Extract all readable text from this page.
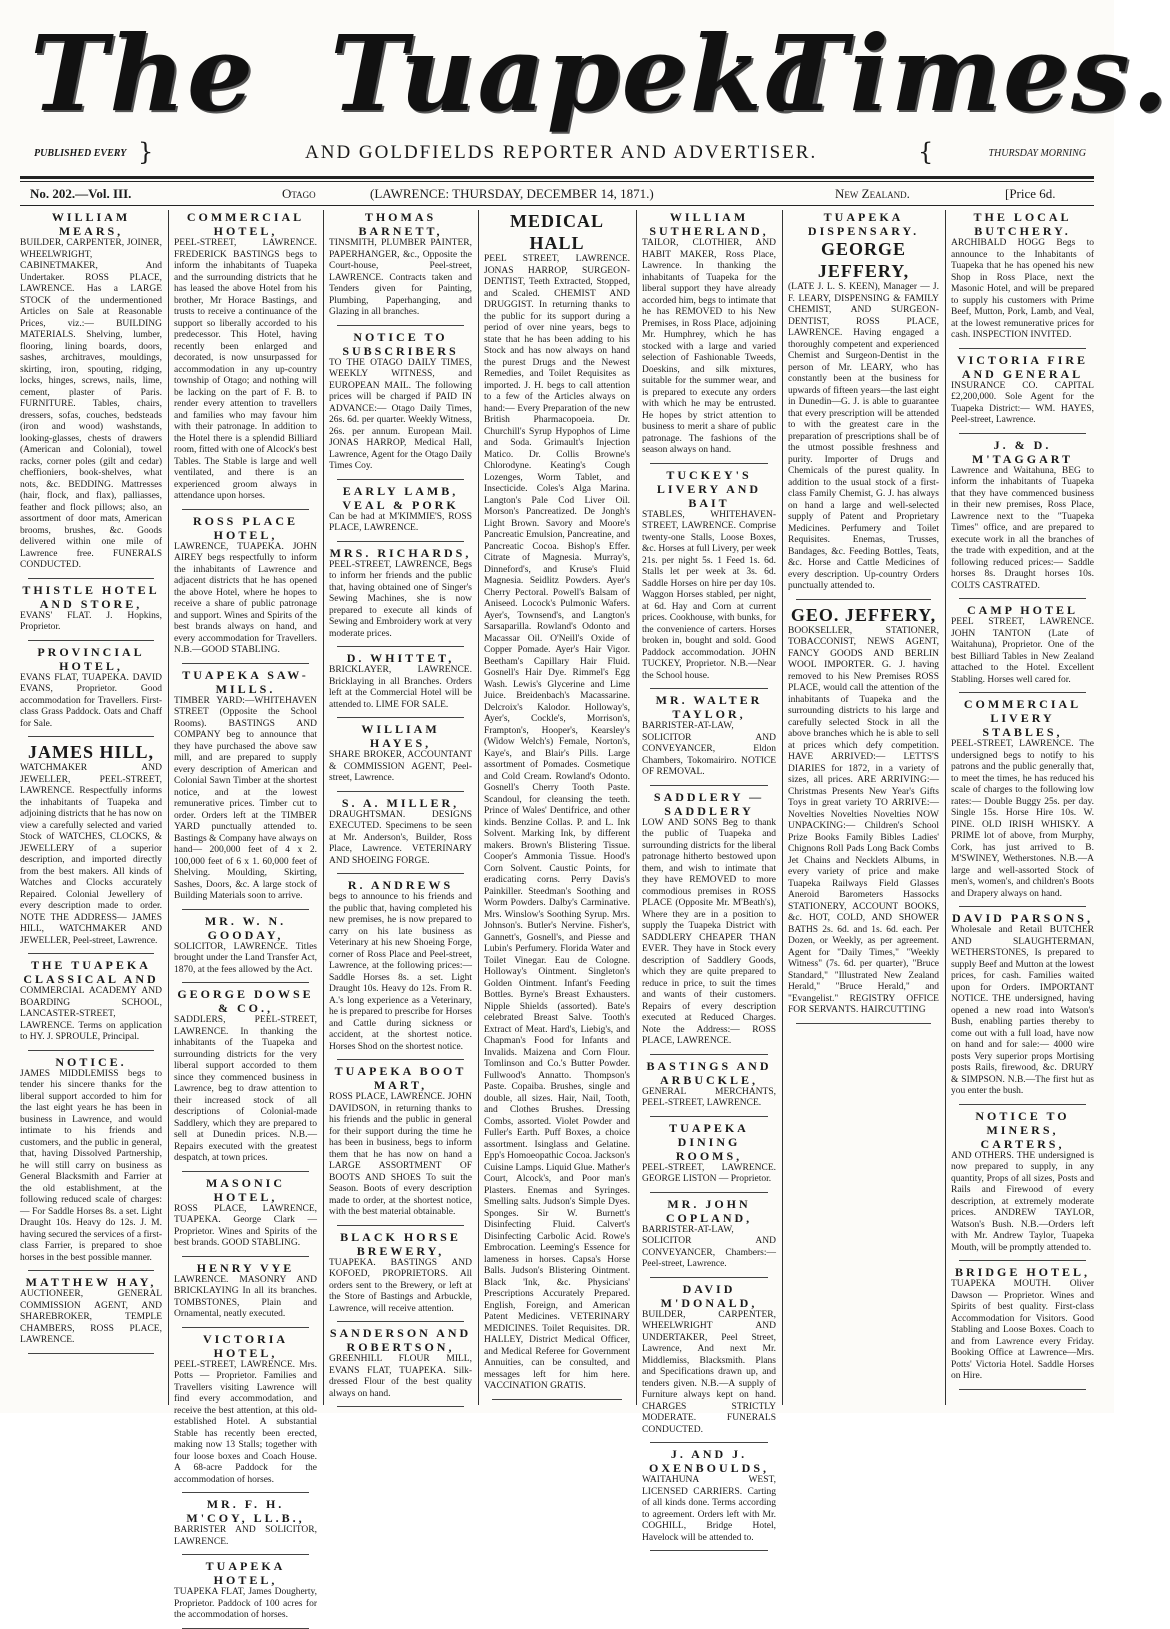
The Tuapeka
Times.
PUBLISHED EVERY }	AND GOLDFIELDS REPORTER AND ADVERTISER.	{	THURSDAY MORNING
No. 202.—Vol. III.	Otago	(LAWRENCE: THURSDAY, DECEMBER 14, 1871.)	New Zealand.	[Price 6d.
WILLIAM MEARS,
BUILDER, CARPENTER, JOINER, WHEELWRIGHT, CABINETMAKER, And Undertaker. ROSS PLACE, LAWRENCE. Has a LARGE STOCK of the undermentioned Articles on Sale at Reasonable Prices, viz.:— BUILDING MATERIALS. Shelving, lumber, flooring, lining boards, doors, sashes, architraves, mouldings, skirting, iron, spouting, ridging, locks, hinges, screws, nails, lime, cement, plaster of Paris. FURNITURE. Tables, chairs, dressers, sofas, couches, bedsteads (iron and wood) washstands, looking-glasses, chests of drawers (American and Colonial), towel racks, corner poles (gilt and cedar) cheffioniers, book-shelves, what nots, &c. BEDDING. Mattresses (hair, flock, and flax), palliasses, feather and flock pillows; also, an assortment of door mats, American brooms, brushes, &c. Goods delivered within one mile of Lawrence free. FUNERALS CONDUCTED.
THISTLE HOTEL AND STORE,
EVANS' FLAT. J. Hopkins, Proprietor.
PROVINCIAL HOTEL,
EVANS FLAT, TUAPEKA. DAVID EVANS, Proprietor. Good accommodation for Travellers. First-class Grass Paddock. Oats and Chaff for Sale.
JAMES HILL,
WATCHMAKER AND JEWELLER, PEEL-STREET, LAWRENCE. Respectfully informs the inhabitants of Tuapeka and adjoining districts that he has now on view a carefully selected and varied Stock of WATCHES, CLOCKS, & JEWELLERY of a superior description, and imported directly from the best makers. All kinds of Watches and Clocks accurately Repaired. Colonial Jewellery of every description made to order. NOTE THE ADDRESS— JAMES HILL, WATCHMAKER AND JEWELLER, Peel-street, Lawrence.
THE TUAPEKA CLASSICAL AND
COMMERCIAL ACADEMY AND BOARDING SCHOOL, LANCASTER-STREET, LAWRENCE. Terms on application to HY. J. SPROULE, Principal.
NOTICE.
JAMES MIDDLEMISS begs to tender his sincere thanks for the liberal support accorded to him for the last eight years he has been in business in Lawrence, and would intimate to his friends and customers, and the public in general, that, having Dissolved Partnership, he will still carry on business as General Blacksmith and Farrier at the old establishment, at the following reduced scale of charges:— For Saddle Horses 8s. a set. Light Draught 10s. Heavy do 12s. J. M. having secured the services of a first-class Farrier, is prepared to shoe horses in the best possible manner.
MATTHEW HAY,
AUCTIONEER, GENERAL COMMISSION AGENT, AND SHAREBROKER, TEMPLE CHAMBERS, ROSS PLACE, LAWRENCE.
COMMERCIAL HOTEL,
PEEL-STREET, LAWRENCE. FREDERICK BASTINGS begs to inform the inhabitants of Tuapeka and the surrounding districts that he has leased the above Hotel from his brother, Mr Horace Bastings, and trusts to receive a continuance of the support so liberally accorded to his predecessor. This Hotel, having recently been enlarged and decorated, is now unsurpassed for accommodation in any up-country township of Otago; and nothing will be lacking on the part of F. B. to render every attention to travellers and families who may favour him with their patronage. In addition to the Hotel there is a splendid Billiard room, fitted with one of Alcock's best Tables. The Stable is large and well ventilated, and there is an experienced groom always in attendance upon horses.
ROSS PLACE HOTEL,
LAWRENCE, TUAPEKA. JOHN AIREY begs respectfully to inform the inhabitants of Lawrence and adjacent districts that he has opened the above Hotel, where he hopes to receive a share of public patronage and support. Wines and Spirits of the best brands always on hand, and every accommodation for Travellers. N.B.—GOOD STABLING.
TUAPEKA SAW-MILLS.
TIMBER YARD:—WHITEHAVEN STREET (Opposite the School Rooms). BASTINGS AND COMPANY beg to announce that they have purchased the above saw mill, and are prepared to supply every description of American and Colonial Sawn Timber at the shortest notice, and at the lowest remunerative prices. Timber cut to order. Orders left at the TIMBER YARD punctually attended to. Bastings & Company have always on hand— 200,000 feet of 4 x 2. 100,000 feet of 6 x 1. 60,000 feet of Shelving. Moulding, Skirting, Sashes, Doors, &c. A large stock of Building Materials soon to arrive.
MR. W. N. GOODAY,
SOLICITOR, LAWRENCE. Titles brought under the Land Transfer Act, 1870, at the fees allowed by the Act.
GEORGE DOWSE & CO.,
SADDLERS, PEEL-STREET, LAWRENCE. In thanking the inhabitants of the Tuapeka and surrounding districts for the very liberal support accorded to them since they commenced business in Lawrence, beg to draw attention to their increased stock of all descriptions of Colonial-made Saddlery, which they are prepared to sell at Dunedin prices. N.B.—Repairs executed with the greatest despatch, at town prices.
MASONIC HOTEL,
ROSS PLACE, LAWRENCE, TUAPEKA. George Clark — Proprietor. Wines and Spirits of the best brands. GOOD STABLING.
HENRY VYE
LAWRENCE. MASONRY AND BRICKLAYING In all its branches. TOMBSTONES, Plain and Ornamental, neatly executed.
VICTORIA HOTEL,
PEEL-STREET, LAWRENCE. Mrs. Potts — Proprietor. Families and Travellers visiting Lawrence will find every accommodation, and receive the best attention, at this old-established Hotel. A substantial Stable has recently been erected, making now 13 Stalls; together with four loose boxes and Coach House. A 68-acre Paddock for the accommodation of horses.
MR. F. H. M'COY, LL.B.,
BARRISTER AND SOLICITOR, LAWRENCE.
TUAPEKA HOTEL,
TUAPEKA FLAT, James Dougherty, Proprietor. Paddock of 100 acres for the accommodation of horses.
THOMAS BARNETT,
TINSMITH, PLUMBER PAINTER, PAPERHANGER, &c., Opposite the Court-house, Peel-street, LAWRENCE. Contracts taken and Tenders given for Painting, Plumbing, Paperhanging, and Glazing in all branches.
NOTICE TO SUBSCRIBERS
TO THE OTAGO DAILY TIMES, WEEKLY WITNESS, and EUROPEAN MAIL. The following prices will be charged if PAID IN ADVANCE:— Otago Daily Times, 26s. 6d. per quarter. Weekly Witness, 26s. per annum. European Mail. JONAS HARROP, Medical Hall, Lawrence, Agent for the Otago Daily Times Coy.
EARLY LAMB, VEAL & PORK
Can be had at M'KIMMIE'S, ROSS PLACE, LAWRENCE.
MRS. RICHARDS,
PEEL-STREET, LAWRENCE, Begs to inform her friends and the public that, having obtained one of Singer's Sewing Machines, she is now prepared to execute all kinds of Sewing and Embroidery work at very moderate prices.
D. WHITTET,
BRICKLAYER, LAWRENCE. Bricklaying in all Branches. Orders left at the Commercial Hotel will be attended to. LIME FOR SALE.
WILLIAM HAYES,
SHARE BROKER, ACCOUNTANT & COMMISSION AGENT, Peel-street, Lawrence.
S. A. MILLER,
DRAUGHTSMAN. DESIGNS EXECUTED. Specimens to be seen at Mr. Anderson's, Builder, Ross Place, Lawrence. VETERINARY AND SHOEING FORGE.
R. ANDREWS
begs to announce to his friends and the public that, having completed his new premises, he is now prepared to carry on his late business as Veterinary at his new Shoeing Forge, corner of Ross Place and Peel-street, Lawrence, at the following prices:— Saddle Horses 8s. a set. Light Draught 10s. Heavy do 12s. From R. A.'s long experience as a Veterinary, he is prepared to prescribe for Horses and Cattle during sickness or accident, at the shortest notice. Horses Shod on the shortest notice.
TUAPEKA BOOT MART,
ROSS PLACE, LAWRENCE. JOHN DAVIDSON, in returning thanks to his friends and the public in general for their support during the time he has been in business, begs to inform them that he has now on hand a LARGE ASSORTMENT OF BOOTS AND SHOES To suit the Season. Boots of every description made to order, at the shortest notice, with the best material obtainable.
BLACK HORSE BREWERY,
TUAPEKA. BASTINGS AND KOFOED, PROPRIETORS. All orders sent to the Brewery, or left at the Store of Bastings and Arbuckle, Lawrence, will receive attention.
SANDERSON AND ROBERTSON,
GREENHILL FLOUR MILL, EVANS FLAT, TUAPEKA. Silk-dressed Flour of the best quality always on hand.
MEDICAL HALL
PEEL STREET, LAWRENCE. JONAS HARROP, SURGEON-DENTIST, Teeth Extracted, Stopped, and Scaled. CHEMIST AND DRUGGIST. In returning thanks to the public for its support during a period of over nine years, begs to state that he has been adding to his Stock and has now always on hand the purest Drugs and the Newest Remedies, and Toilet Requisites as imported. J. H. begs to call attention to a few of the Articles always on hand:— Every Preparation of the new British Pharmacopoeia. Dr. Churchill's Syrup Hypophos of Lime and Soda. Grimault's Injection Matico. Dr. Collis Browne's Chlorodyne. Keating's Cough Lozenges, Worm Tablet, and Insecticide. Coles's Alga Marina. Langton's Pale Cod Liver Oil. Morson's Pancreatized. De Jongh's Light Brown. Savory and Moore's Pancreatic Emulsion, Pancreatine, and Pancreatic Cocoa. Bishop's Effer. Citrate of Magnesia. Murray's, Dinneford's, and Kruse's Fluid Magnesia. Seidlitz Powders. Ayer's Cherry Pectoral. Powell's Balsam of Aniseed. Locock's Pulmonic Wafers. Ayer's, Townsend's, and Langton's Sarsaparilla. Rowland's Odonto and Macassar Oil. O'Neill's Oxide of Copper Pomade. Ayer's Hair Vigor. Beetham's Capillary Hair Fluid. Gosnell's Hair Dye. Rimmel's Egg Wash. Lewis's Glycerine and Lime Juice. Breidenbach's Macassarine. Delcroix's Kalodor. Holloway's, Ayer's, Cockle's, Morrison's, Frampton's, Hooper's, Kearsley's (Widow Welch's) Female, Norton's, Kaye's, and Blair's Pills. Large assortment of Pomades. Cosmetique and Cold Cream. Rowland's Odonto. Gosnell's Cherry Tooth Paste. Scandoul, for cleansing the teeth. Prince of Wales' Dentifrice, and other kinds. Benzine Collas. P. and L. Ink Solvent. Marking Ink, by different makers. Brown's Blistering Tissue. Cooper's Ammonia Tissue. Hood's Corn Solvent. Caustic Points, for eradicating corns. Perry Davis's Painkiller. Steedman's Soothing and Worm Powders. Dalby's Carminative. Mrs. Winslow's Soothing Syrup. Mrs. Johnson's. Butler's Nervine. Fisher's, Gannett's, Gosnell's, and Piesse and Lubin's Perfumery. Florida Water and Toilet Vinegar. Eau de Cologne. Holloway's Ointment. Singleton's Golden Ointment. Infant's Feeding Bottles. Byrne's Breast Exhausters. Nipple Shields (assorted). Bate's celebrated Breast Salve. Tooth's Extract of Meat. Hard's, Liebig's, and Chapman's Food for Infants and Invalids. Maizena and Corn Flour. Tomlinson and Co.'s Butter Powder. Fullwood's Annatto. Thompson's Paste. Copaiba. Brushes, single and double, all sizes. Hair, Nail, Tooth, and Clothes Brushes. Dressing Combs, assorted. Violet Powder and Fuller's Earth. Puff Boxes, a choice assortment. Isinglass and Gelatine. Epp's Homoeopathic Cocoa. Jackson's Cuisine Lamps. Liquid Glue. Mather's Court, Alcock's, and Poor man's Plasters. Enemas and Syringes. Smelling salts. Judson's Simple Dyes. Sponges. Sir W. Burnett's Disinfecting Fluid. Calvert's Disinfecting Carbolic Acid. Rowe's Embrocation. Leeming's Essence for lameness in horses. Capsa's Horse Balls. Judson's Blistering Ointment. Black 'Ink, &c. Physicians' Prescriptions Accurately Prepared. English, Foreign, and American Patent Medicines. VETERINARY MEDICINES. Toilet Requisites. DR. HALLEY, District Medical Officer, and Medical Referee for Government Annuities, can be consulted, and messages left for him here. VACCINATION GRATIS.
WILLIAM SUTHERLAND,
TAILOR, CLOTHIER, AND HABIT MAKER, Ross Place, Lawrence. In thanking the inhabitants of Tuapeka for the liberal support they have already accorded him, begs to intimate that he has REMOVED to his New Premises, in Ross Place, adjoining Mr. Humphrey, which he has stocked with a large and varied selection of Fashionable Tweeds, Doeskins, and silk mixtures, suitable for the summer wear, and is prepared to execute any orders with which he may be entrusted. He hopes by strict attention to business to merit a share of public patronage. The fashions of the season always on hand.
TUCKEY'S LIVERY AND BAIT
STABLES, WHITEHAVEN-STREET, LAWRENCE. Comprise twenty-one Stalls, Loose Boxes, &c. Horses at full Livery, per week 21s. per night 5s. 1 Feed 1s. 6d. Stalls let per week at 3s. 6d. Saddle Horses on hire per day 10s. Waggon Horses stabled, per night, at 6d. Hay and Corn at current prices. Cookhouse, with bunks, for the convenience of carters. Horses broken in, bought and sold. Good Paddock accommodation. JOHN TUCKEY, Proprietor. N.B.—Near the School house.
MR. WALTER TAYLOR,
BARRISTER-AT-LAW, SOLICITOR AND CONVEYANCER, Eldon Chambers, Tokomairiro. NOTICE OF REMOVAL.
SADDLERY — SADDLERY
LOW AND SONS Beg to thank the public of Tuapeka and surrounding districts for the liberal patronage hitherto bestowed upon them, and wish to intimate that they have REMOVED to more commodious premises in ROSS PLACE (Opposite Mr. M'Beath's), Where they are in a position to supply the Tuapeka District with SADDLERY CHEAPER THAN EVER. They have in Stock every description of Saddlery Goods, which they are quite prepared to reduce in price, to suit the times and wants of their customers. Repairs of every description executed at Reduced Charges. Note the Address:— ROSS PLACE, LAWRENCE.
BASTINGS AND ARBUCKLE,
GENERAL MERCHANTS, PEEL-STREET, LAWRENCE.
TUAPEKA DINING ROOMS,
PEEL-STREET, LAWRENCE. GEORGE LISTON — Proprietor.
MR. JOHN COPLAND,
BARRISTER-AT-LAW, SOLICITOR AND CONVEYANCER, Chambers:—Peel-street, Lawrence.
DAVID M'DONALD,
BUILDER, CARPENTER, WHEELWRIGHT AND UNDERTAKER, Peel Street, Lawrence, And next Mr. Middlemiss, Blacksmith. Plans and Specifications drawn up, and tenders given. N.B.—A supply of Furniture always kept on hand. CHARGES STRICTLY MODERATE. FUNERALS CONDUCTED.
J. AND J. OXENBOULDS,
WAITAHUNA WEST, LICENSED CARRIERS. Carting of all kinds done. Terms according to agreement. Orders left with Mr. COGHILL, Bridge Hotel, Havelock will be attended to.
TUAPEKA DISPENSARY.
GEORGE JEFFERY,
(LATE J. L. S. KEEN), Manager — J. F. LEARY, DISPENSING & FAMILY CHEMIST, AND SURGEON-DENTIST, ROSS PLACE, LAWRENCE. Having engaged a thoroughly competent and experienced Chemist and Surgeon-Dentist in the person of Mr. LEARY, who has constantly been at the business for upwards of fifteen years—the last eight in Dunedin—G. J. is able to guarantee that every prescription will be attended to with the greatest care in the preparation of prescriptions shall be of the utmost possible freshness and purity. Importer of Drugs and Chemicals of the purest quality. In addition to the usual stock of a first-class Family Chemist, G. J. has always on hand a large and well-selected supply of Patent and Proprietary Medicines. Perfumery and Toilet Requisites. Enemas, Trusses, Bandages, &c. Feeding Bottles, Teats, &c. Horse and Cattle Medicines of every description. Up-country Orders punctually attended to.
GEO. JEFFERY,
BOOKSELLER, STATIONER, TOBACCONIST, NEWS AGENT, FANCY GOODS AND BERLIN WOOL IMPORTER. G. J. having removed to his New Premises ROSS PLACE, would call the attention of the inhabitants of Tuapeka and the surrounding districts to his large and carefully selected Stock in all the above branches which he is able to sell at prices which defy competition. HAVE ARRIVED:— LETTS'S DIARIES for 1872, in a variety of sizes, all prices. ARE ARRIVING:— Christmas Presents New Year's Gifts Toys in great variety TO ARRIVE:— Novelties Novelties Novelties NOW UNPACKING:— Children's School Prize Books Family Bibles Ladies' Chignons Roll Pads Long Back Combs Jet Chains and Necklets Albums, in every variety of price and make Tuapeka Railways Field Glasses Aneroid Barometers Hassocks STATIONERY, ACCOUNT BOOKS, &c. HOT, COLD, AND SHOWER BATHS 2s. 6d. and 1s. 6d. each. Per Dozen, or Weekly, as per agreement. Agent for "Daily Times," "Weekly Witness" (7s. 6d. per quarter), "Bruce Standard," "Illustrated New Zealand Herald," "Bruce Herald," and "Evangelist." REGISTRY OFFICE FOR SERVANTS. HAIRCUTTING
THE LOCAL BUTCHERY.
ARCHIBALD HOGG Begs to announce to the Inhabitants of Tuapeka that he has opened his new Shop in Ross Place, next the Masonic Hotel, and will be prepared to supply his customers with Prime Beef, Mutton, Pork, Lamb, and Veal, at the lowest remunerative prices for cash. INSPECTION INVITED.
VICTORIA FIRE AND GENERAL
INSURANCE CO. CAPITAL £2,200,000. Sole Agent for the Tuapeka District:— WM. HAYES, Peel-street, Lawrence.
J. & D. M'TAGGART
Lawrence and Waitahuna, BEG to inform the inhabitants of Tuapeka that they have commenced business in their new premises, Ross Place, Lawrence next to the "Tuapeka Times" office, and are prepared to execute work in all the branches of the trade with expedition, and at the following reduced prices:— Saddle horses 8s. Draught horses 10s. COLTS CASTRATED.
CAMP HOTEL
PEEL STREET, LAWRENCE. JOHN TANTON (Late of Waitahuna), Proprietor. One of the best Billiard Tables in New Zealand attached to the Hotel. Excellent Stabling. Horses well cared for.
COMMERCIAL LIVERY STABLES,
PEEL-STREET, LAWRENCE. The undersigned begs to notify to his patrons and the public generally that, to meet the times, he has reduced his scale of charges to the following low rates:— Double Buggy 25s. per day. Single 15s. Horse Hire 10s. W. PINE. OLD IRISH WHISKY. A PRIME lot of above, from Murphy, Cork, has just arrived to B. M'SWINEY, Wetherstones. N.B.—A large and well-assorted Stock of men's, women's, and children's Boots and Drapery always on hand.
DAVID PARSONS,
Wholesale and Retail BUTCHER AND SLAUGHTERMAN, WETHERSTONES, Is prepared to supply Beef and Mutton at the lowest prices, for cash. Families waited upon for Orders. IMPORTANT NOTICE. THE undersigned, having opened a new road into Watson's Bush, enabling parties thereby to come out with a full load, have now on hand and for sale:— 4000 wire posts Very superior props Mortising posts Rails, firewood, &c. DRURY & SIMPSON. N.B.—The first hut as you enter the bush.
NOTICE TO MINERS, CARTERS,
AND OTHERS. THE undersigned is now prepared to supply, in any quantity, Props of all sizes, Posts and Rails and Firewood of every description, at extremely moderate prices. ANDREW TAYLOR, Watson's Bush. N.B.—Orders left with Mr. Andrew Taylor, Tuapeka Mouth, will be promptly attended to.
BRIDGE HOTEL,
TUAPEKA MOUTH. Oliver Dawson — Proprietor. Wines and Spirits of best quality. First-class Accommodation for Visitors. Good Stabling and Loose Boxes. Coach to and from Lawrence every Friday. Booking Office at Lawrence—Mrs. Potts' Victoria Hotel. Saddle Horses on Hire.
